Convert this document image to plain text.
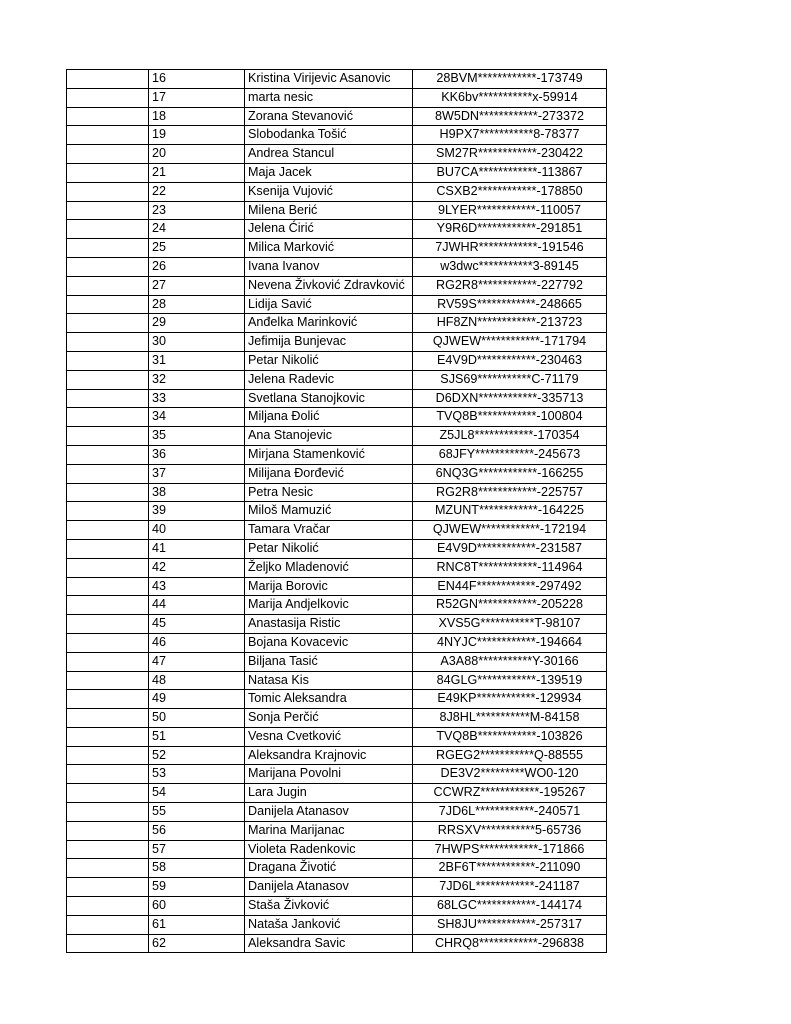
	16	Kristina Virijevic Asanovic	28BVM************-173749
	17	marta nesic	KK6bv***********x-59914
	18	Zorana Stevanović	8W5DN************-273372
	19	Slobodanka Tošić	H9PX7***********8-78377
	20	Andrea Stancul	SM27R************-230422
	21	Maja Jacek	BU7CA************-113867
	22	Ksenija Vujović	CSXB2************-178850
	23	Milena Berić	9LYER************-110057
	24	Jelena Ćirić	Y9R6D************-291851
	25	Milica Marković	7JWHR************-191546
	26	Ivana Ivanov	w3dwc***********3-89145
	27	Nevena Živković Zdravković	RG2R8************-227792
	28	Lidija Savić	RV59S************-248665
	29	Anđelka Marinković	HF8ZN************-213723
	30	Jefimija Bunjevac	QJWEW************-171794
	31	Petar Nikolić	E4V9D************-230463
	32	Jelena Radevic	SJS69***********C-71179
	33	Svetlana Stanojkovic	D6DXN************-335713
	34	Miljana Đolić	TVQ8B************-100804
	35	Ana Stanojevic	Z5JL8************-170354
	36	Mirjana Stamenković	68JFY************-245673
	37	Milijana Đorđević	6NQ3G************-166255
	38	Petra Nesic	RG2R8************-225757
	39	Miloš Mamuzić	MZUNT************-164225
	40	Tamara Vračar	QJWEW************-172194
	41	Petar Nikolić	E4V9D************-231587
	42	Željko Mladenović	RNC8T************-114964
	43	Marija Borovic	EN44F************-297492
	44	Marija Andjelkovic	R52GN************-205228
	45	Anastasija Ristic	XVS5G***********T-98107
	46	Bojana Kovacevic	4NYJC************-194664
	47	Biljana Tasić	A3A88***********Y-30166
	48	Natasa Kis	84GLG************-139519
	49	Tomic Aleksandra	E49KP************-129934
	50	Sonja Perčić	8J8HL***********M-84158
	51	Vesna Cvetković	TVQ8B************-103826
	52	Aleksandra Krajnovic	RGEG2***********Q-88555
	53	Marijana Povolni	DE3V2*********WO0-120
	54	Lara Jugin	CCWRZ************-195267
	55	Danijela Atanasov	7JD6L************-240571
	56	Marina Marijanac	RRSXV***********5-65736
	57	Violeta Radenkovic	7HWPS************-171866
	58	Dragana Životić	2BF6T************-211090
	59	Danijela Atanasov	7JD6L************-241187
	60	Staša Živković	68LGC************-144174
	61	Nataša Janković	SH8JU************-257317
	62	Aleksandra Savic	CHRQ8************-296838
